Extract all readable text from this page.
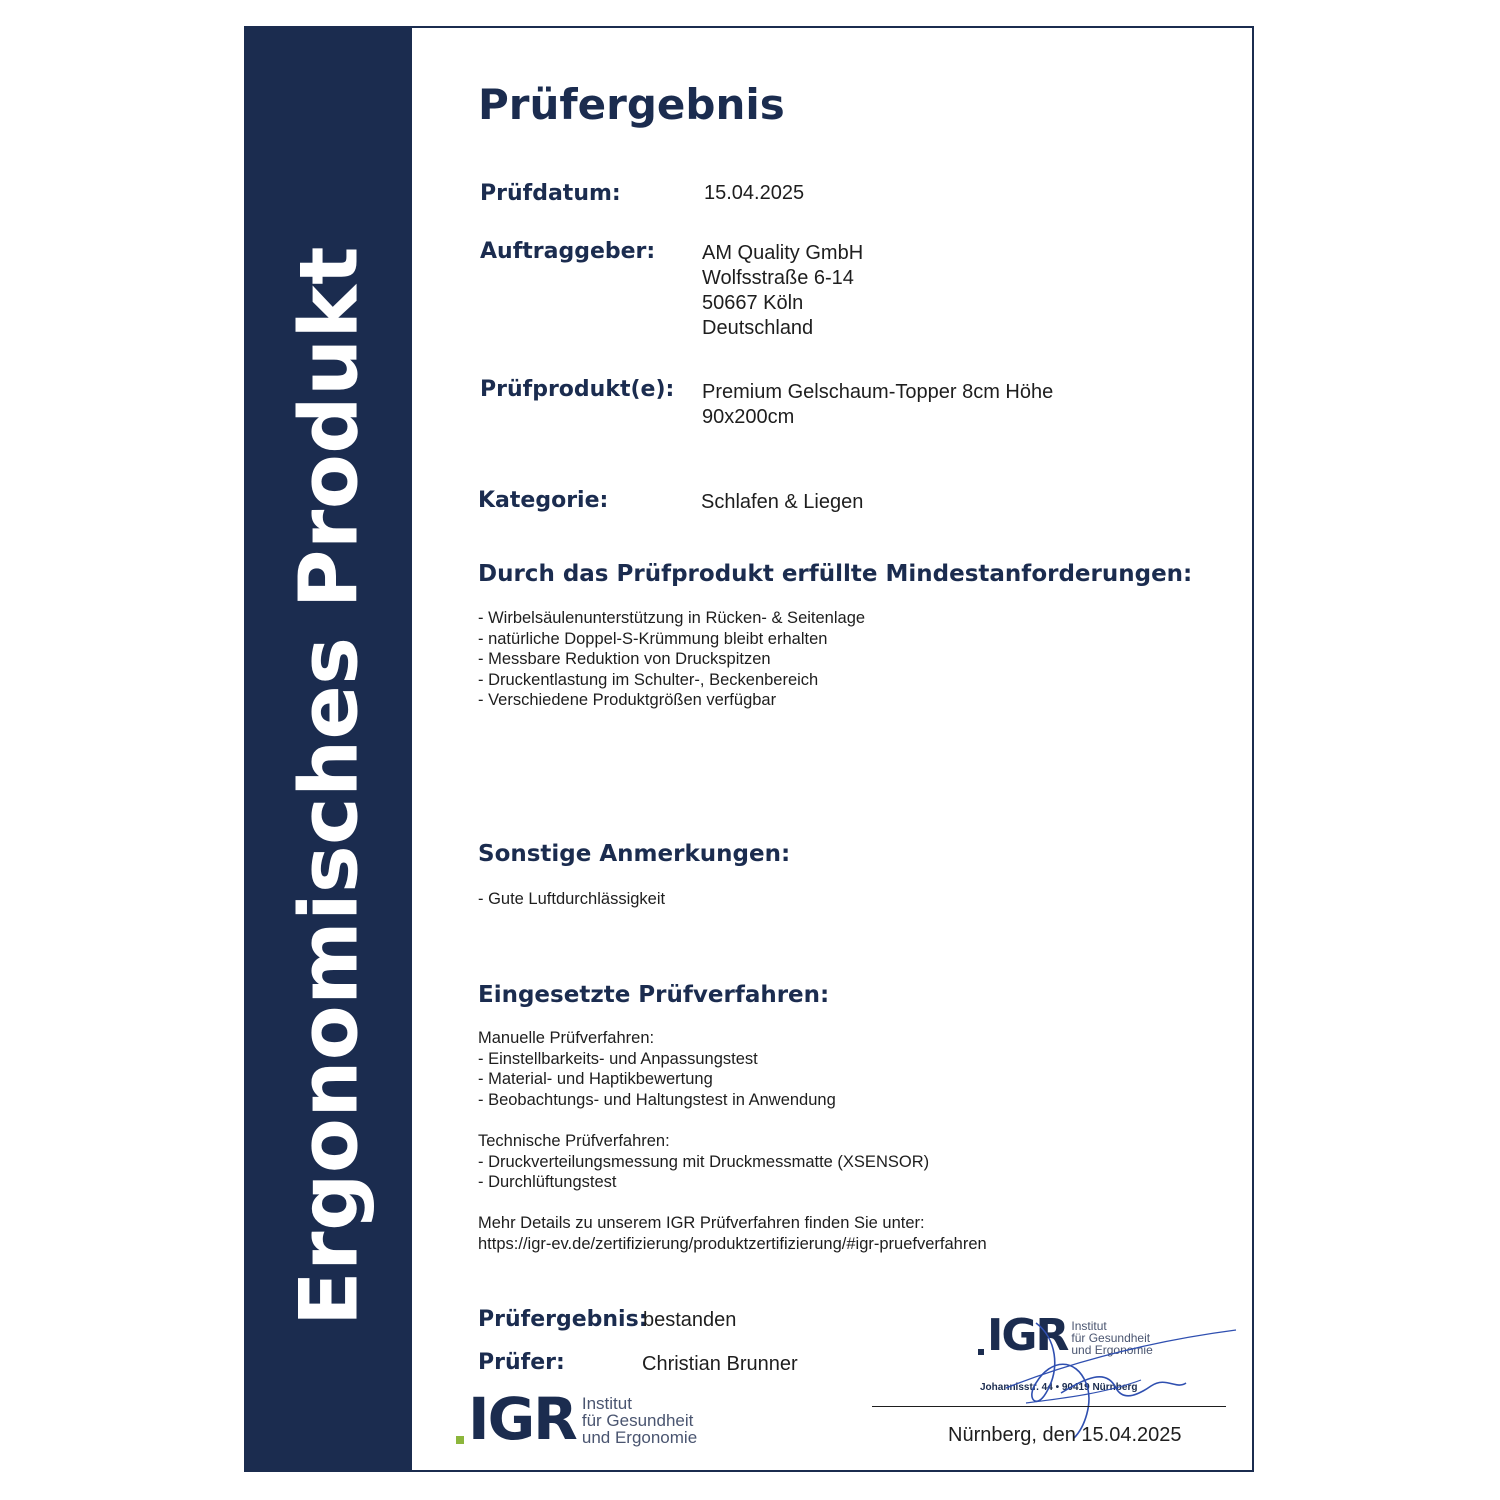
Ergonomisches Produkt
Prüfergebnis
Prüfdatum:	15.04.2025
Auftraggeber: AM Quality GmbH
Wolfsstraße 6-14
50667 Köln
Deutschland
Prüfprodukt(e): Premium Gelschaum-Topper 8cm Höhe
90x200cm
Kategorie:	Schlafen & Liegen
Durch das Prüfprodukt erfüllte Mindestanforderungen:
- Wirbelsäulenunterstützung in Rücken- & Seitenlage
- natürliche Doppel-S-Krümmung bleibt erhalten
- Messbare Reduktion von Druckspitzen
- Druckentlastung im Schulter-, Beckenbereich
- Verschiedene Produktgrößen verfügbar
Sonstige Anmerkungen:
- Gute Luftdurchlässigkeit
Eingesetzte Prüfverfahren:
Manuelle Prüfverfahren:
- Einstellbarkeits- und Anpassungstest
- Material- und Haptikbewertung
- Beobachtungs- und Haltungstest in Anwendung
Technische Prüfverfahren:
- Druckverteilungsmessung mit Druckmessmatte (XSENSOR)
- Durchlüftungstest
Mehr Details zu unserem IGR Prüfverfahren finden Sie unter:
https://igr-ev.de/zertifizierung/produktzertifizierung/#igr-pruefverfahren
Prüfergebnis:
bestanden
Prüfer:	Christian Brunner
IGR Institut
für Gesundheit
und Ergonomie
IGR Institut
für Gesundheit
und Ergonomie
Johannisstr. 44 • 90419 Nürnberg
Nürnberg, den 15.04.2025
